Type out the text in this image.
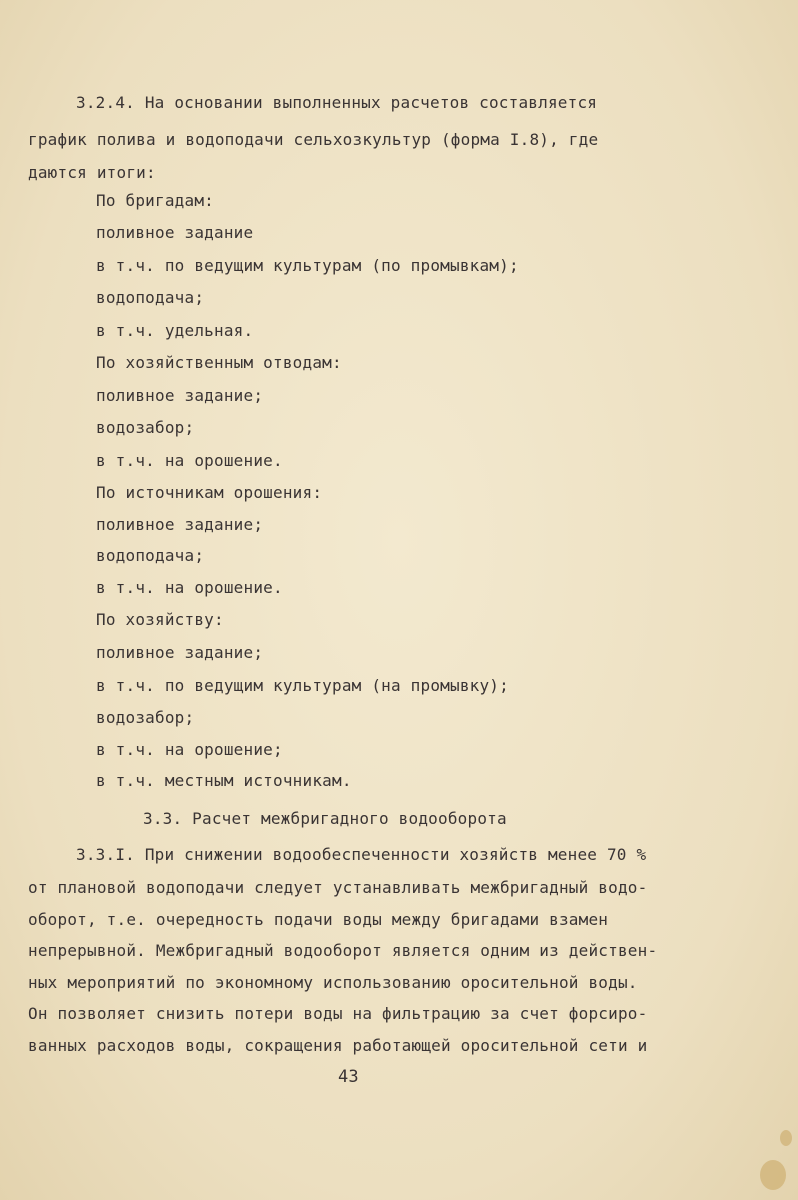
3.2.4. На основании выполненных расчетов составляется
график полива и водоподачи сельхозкультур (форма I.8), где
даются итоги:
По бригадам:
поливное задание
в т.ч. по ведущим культурам (по промывкам);
водоподача;
в т.ч. удельная.
По хозяйственным отводам:
поливное задание;
водозабор;
в т.ч. на орошение.
По источникам орошения:
поливное задание;
водоподача;
в т.ч. на орошение.
По хозяйству:
поливное задание;
в т.ч. по ведущим культурам (на промывку);
водозабор;
в т.ч. на орошение;
в т.ч. местным источникам.
3.3. Расчет межбригадного водооборота
3.3.I. При снижении водообеспеченности хозяйств менее 70 %
от плановой водоподачи следует устанавливать межбригадный водо-
оборот, т.е. очередность подачи воды между бригадами взамен
непрерывной. Межбригадный водооборот является одним из действен-
ных мероприятий по экономному использованию оросительной воды.
Он позволяет снизить потери воды на фильтрацию за счет форсиро-
ванных расходов воды, сокращения работающей оросительной сети и
43
